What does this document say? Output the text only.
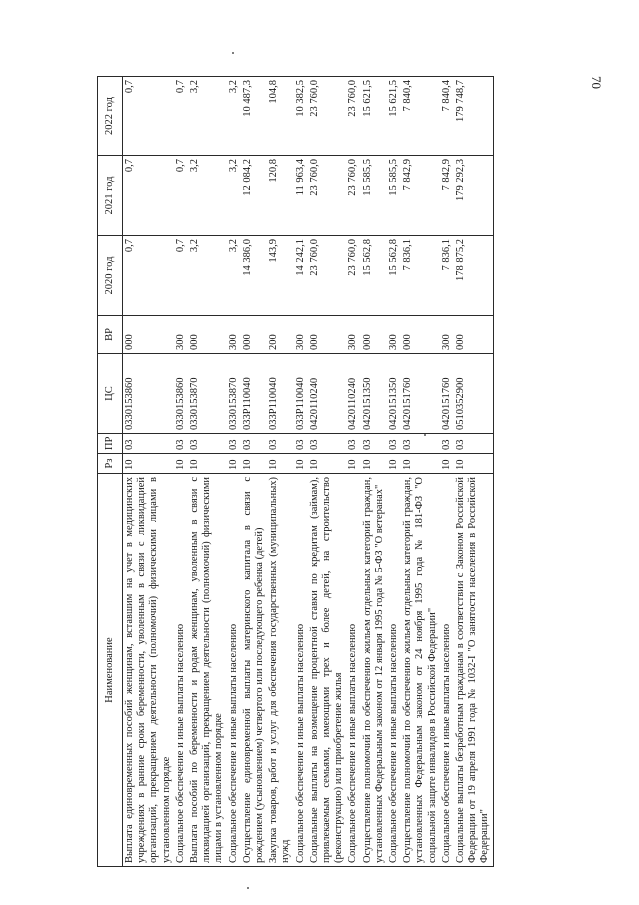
70
Наименование	Рз	ПР	ЦС	ВР	2020 год	2021 год	2022 год
Выплата единовременных пособий женщинам, вставшим на учет в медицинских учреждениях в ранние сроки беременности, уволенным в связи с ликвидацией организаций, прекращением деятельности (полномочий) физическими лицами в установленном порядке	10	03	0330153860	000	0,7	0,7	0,7
Социальное обеспечение и иные выплаты населению	10	03	0330153860	300	0,7	0,7	0,7
Выплата пособий по беременности и родам женщинам, уволенным в связи с ликвидацией организаций, прекращением деятельности (полномочий) физическими лицами в установленном порядке	10	03	0330153870	000	3,2	3,2	3,2
Социальное обеспечение и иные выплаты населению	10	03	0330153870	300	3,2	3,2	3,2
Осуществление единовременной выплаты материнского капитала в связи с рождением (усыновлением) четвертого или последующего ребенка (детей)	10	03	033P110040	000	14 386,0	12 084,2	10 487,3
Закупка товаров, работ и услуг для обеспечения государственных (муниципальных) нужд	10	03	033P110040	200	143,9	120,8	104,8
Социальное обеспечение и иные выплаты населению	10	03	033P110040	300	14 242,1	11 963,4	10 382,5
Социальные выплаты на возмещение процентной ставки по кредитам (займам), привлекаемым семьями, имеющими трех и более детей, на строительство (реконструкцию) или приобретение жилья	10	03	0420110240	000	23 760,0	23 760,0	23 760,0
Социальное обеспечение и иные выплаты населению	10	03	0420110240	300	23 760,0	23 760,0	23 760,0
Осуществление полномочий по обеспечению жильем отдельных категорий граждан, установленных Федеральным законом от 12 января 1995 года № 5-ФЗ "О ветеранах"	10	03	0420151350	000	15 562,8	15 585,5	15 621,5
Социальное обеспечение и иные выплаты населению	10	03	0420151350	300	15 562,8	15 585,5	15 621,5
Осуществление полномочий по обеспечению жильем отдельных категорий граждан, установленных Федеральным законом от 24 ноября 1995 года № 181-ФЗ "О социальной защите инвалидов в Российской Федерации"	10	03	0420151760	000	7 836,1	7 842,9	7 840,4
Социальное обеспечение и иные выплаты населению	10	03	0420151760	300	7 836,1	7 842,9	7 840,4
Социальные выплаты безработным гражданам в соответствии с Законом Российской Федерации от 19 апреля 1991 года № 1032-I "О занятости населения в Российской Федерации"	10	03	0510352900	000	178 875,2	179 292,3	179 748,7
